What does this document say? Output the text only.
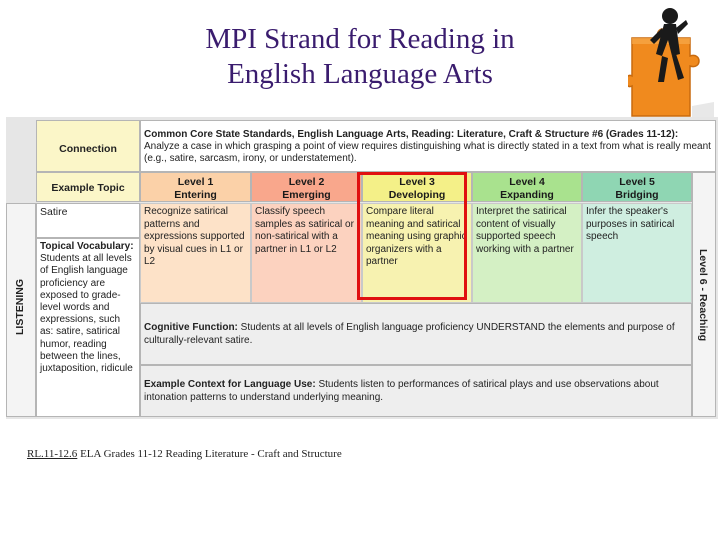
MPI Strand for Reading in
English Language Arts
Connection
Common Core State Standards, English Language Arts, Reading: Literature, Craft & Structure #6 (Grades 11-12): Analyze a case in which grasping a point of view requires distinguishing what is directly stated in a text from what is really meant (e.g., satire, sarcasm, irony, or understatement).
Example Topic	Level 1
Entering
Level 2
Emerging
Level 3
Developing
Level 4
Expanding
Level 5
Bridging
LISTENING
Satire
Topical Vocabulary:
Students at all levels of English language proficiency are exposed to grade-level words and expressions, such as: satire, satirical humor, reading between the lines, juxtaposition, ridicule
Recognize satirical patterns and expressions supported by visual cues in L1 or L2
Classify speech samples as satirical or non-satirical with a partner in L1 or L2
Compare literal meaning and satirical meaning using graphic organizers with a partner
Interpret the satirical content of visually supported speech working with a partner
Infer the speaker's purposes in satirical speech
Level 6 - Reaching
Cognitive Function: Students at all levels of English language proficiency UNDERSTAND the elements and purpose of culturally-relevant satire.
Example Context for Language Use: Students listen to performances of satirical plays and use observations about intonation patterns to understand underlying meaning.
RL.11-12.6 ELA Grades 11-12 Reading Literature - Craft and Structure
